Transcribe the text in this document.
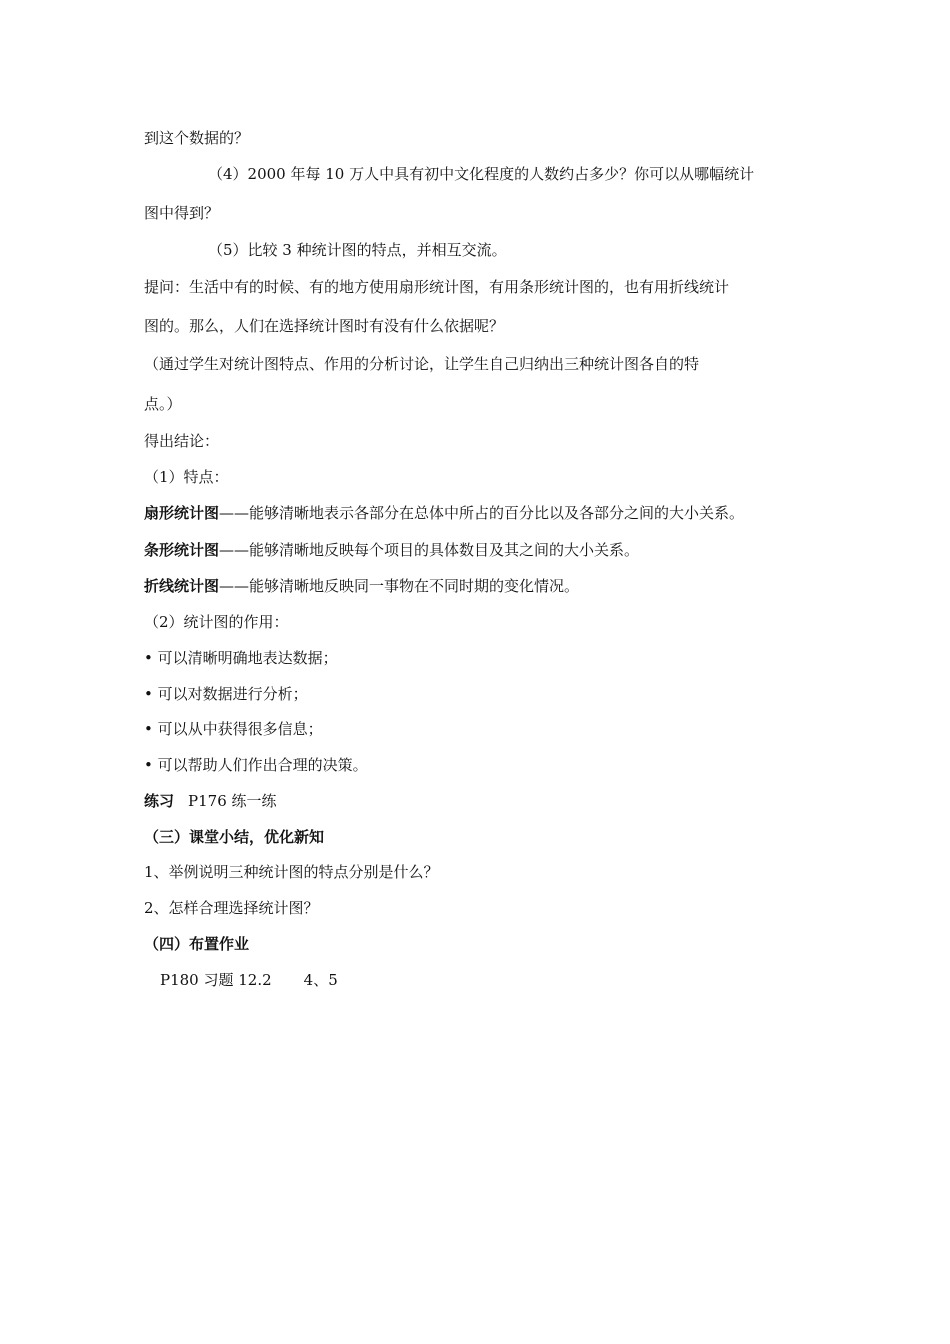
到这个数据的？
（4）2000 年每 10 万人中具有初中文化程度的人数约占多少？你可以从哪幅统计
图中得到？
（5）比较 3 种统计图的特点，并相互交流。
提问：生活中有的时候、有的地方使用扇形统计图，有用条形统计图的，也有用折线统计
图的。那么，人们在选择统计图时有没有什么依据呢？
（通过学生对统计图特点、作用的分析讨论，让学生自己归纳出三种统计图各自的特
点。）
得出结论：
（1）特点：
扇形统计图——能够清晰地表示各部分在总体中所占的百分比以及各部分之间的大小关系。
条形统计图——能够清晰地反映每个项目的具体数目及其之间的大小关系。
折线统计图——能够清晰地反映同一事物在不同时期的变化情况。
（2）统计图的作用：
• 可以清晰明确地表达数据；
• 可以对数据进行分析；
• 可以从中获得很多信息；
• 可以帮助人们作出合理的决策。
练习 P176 练一练
（三）课堂小结，优化新知
1、举例说明三种统计图的特点分别是什么？
2、怎样合理选择统计图？
（四）布置作业
P180 习题 12.2 4、5
